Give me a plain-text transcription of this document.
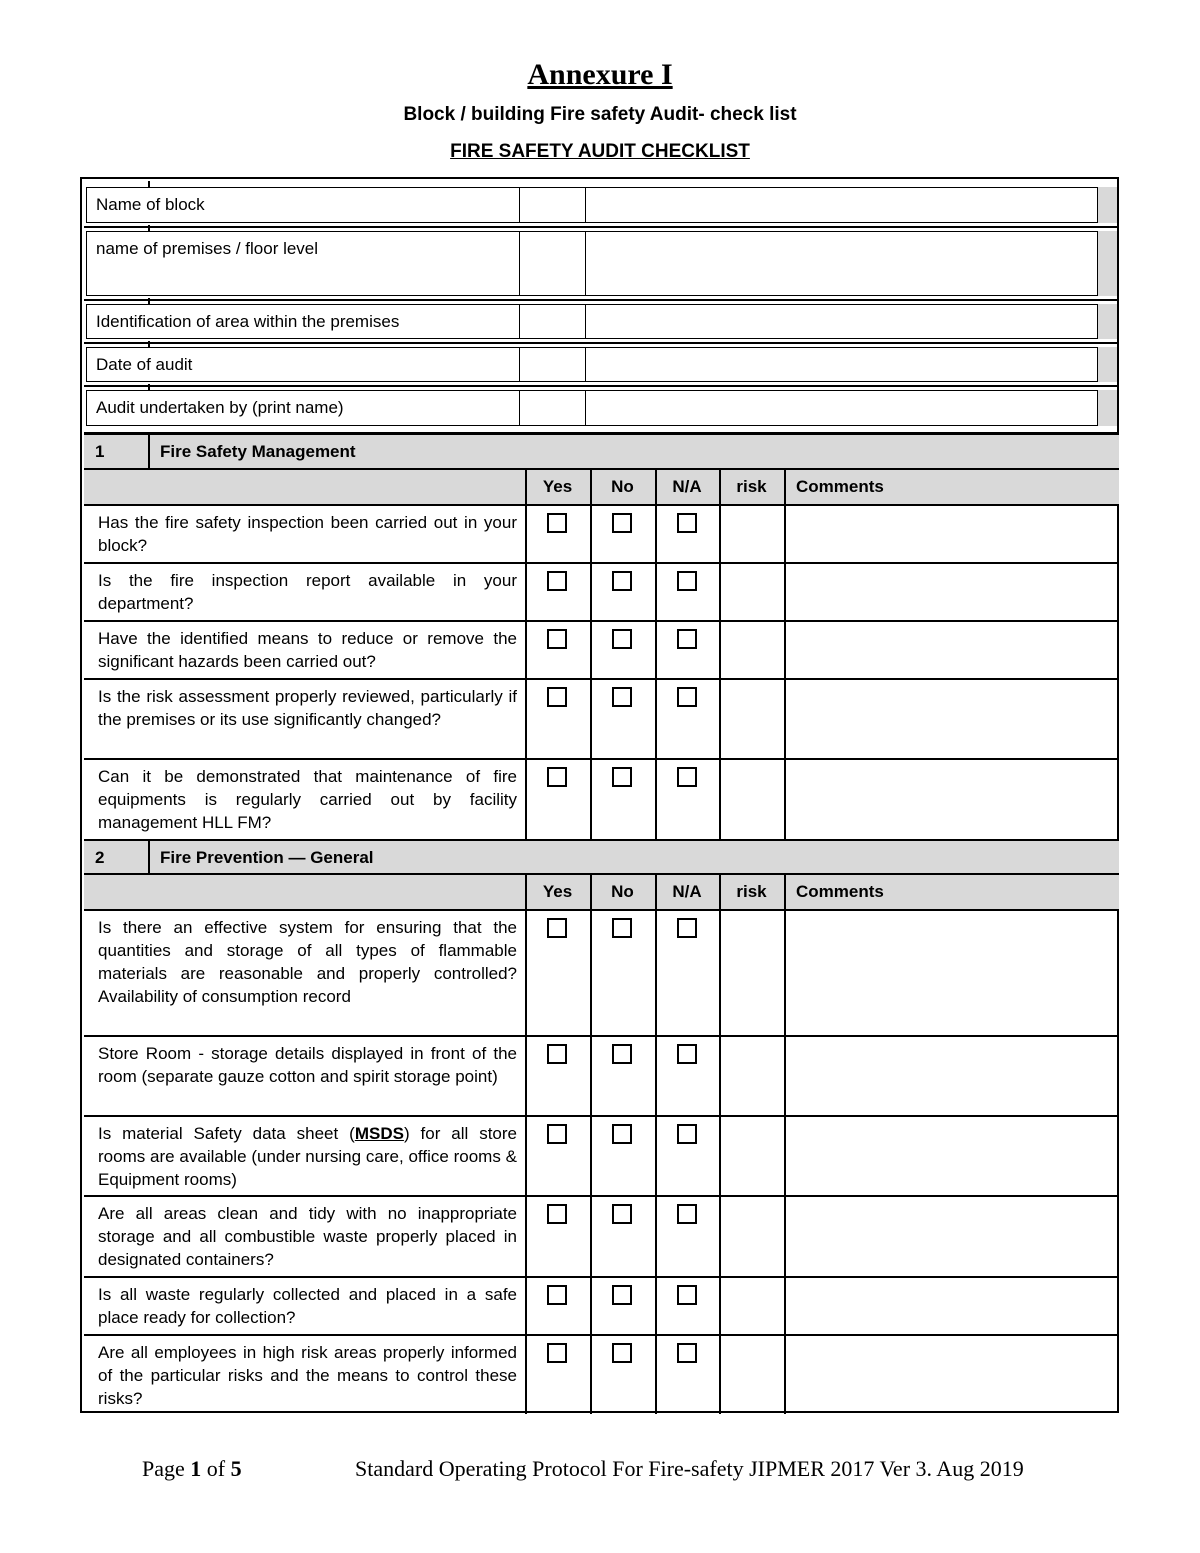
Annexure I
Block / building Fire safety Audit- check list
FIRE SAFETY AUDIT CHECKLIST
Name of block
name of premises / floor level
Identification of area within the premises
Date of audit
Audit undertaken by (print name)
1	Fire Safety Management
Yes	No	N/A	risk	Comments
Has the fire safety inspection been carried out in your block?
Is the fire inspection report available in your department?
Have the identified means to reduce or remove the significant hazards been carried out?
Is the risk assessment properly reviewed, particularly if the premises or its use significantly changed?
Can it be demonstrated that maintenance of fire equipments is regularly carried out by facility management HLL FM?
2	Fire Prevention — General
Yes	No	N/A	risk	Comments
Is there an effective system for ensuring that the quantities and storage of all types of flammable materials are reasonable and properly controlled? Availability of consumption record
Store Room - storage details displayed in front of the room (separate gauze cotton and spirit storage point)
Is material Safety data sheet (MSDS) for all store rooms are available (under nursing care, office rooms & Equipment rooms)
Are all areas clean and tidy with no inappropriate storage and all combustible waste properly placed in designated containers?
Is all waste regularly collected and placed in a safe place ready for collection?
Are all employees in high risk areas properly informed of the particular risks and the means to control these risks?
Page 1 of 5	Standard Operating Protocol For Fire-safety JIPMER 2017 Ver 3. Aug 2019
